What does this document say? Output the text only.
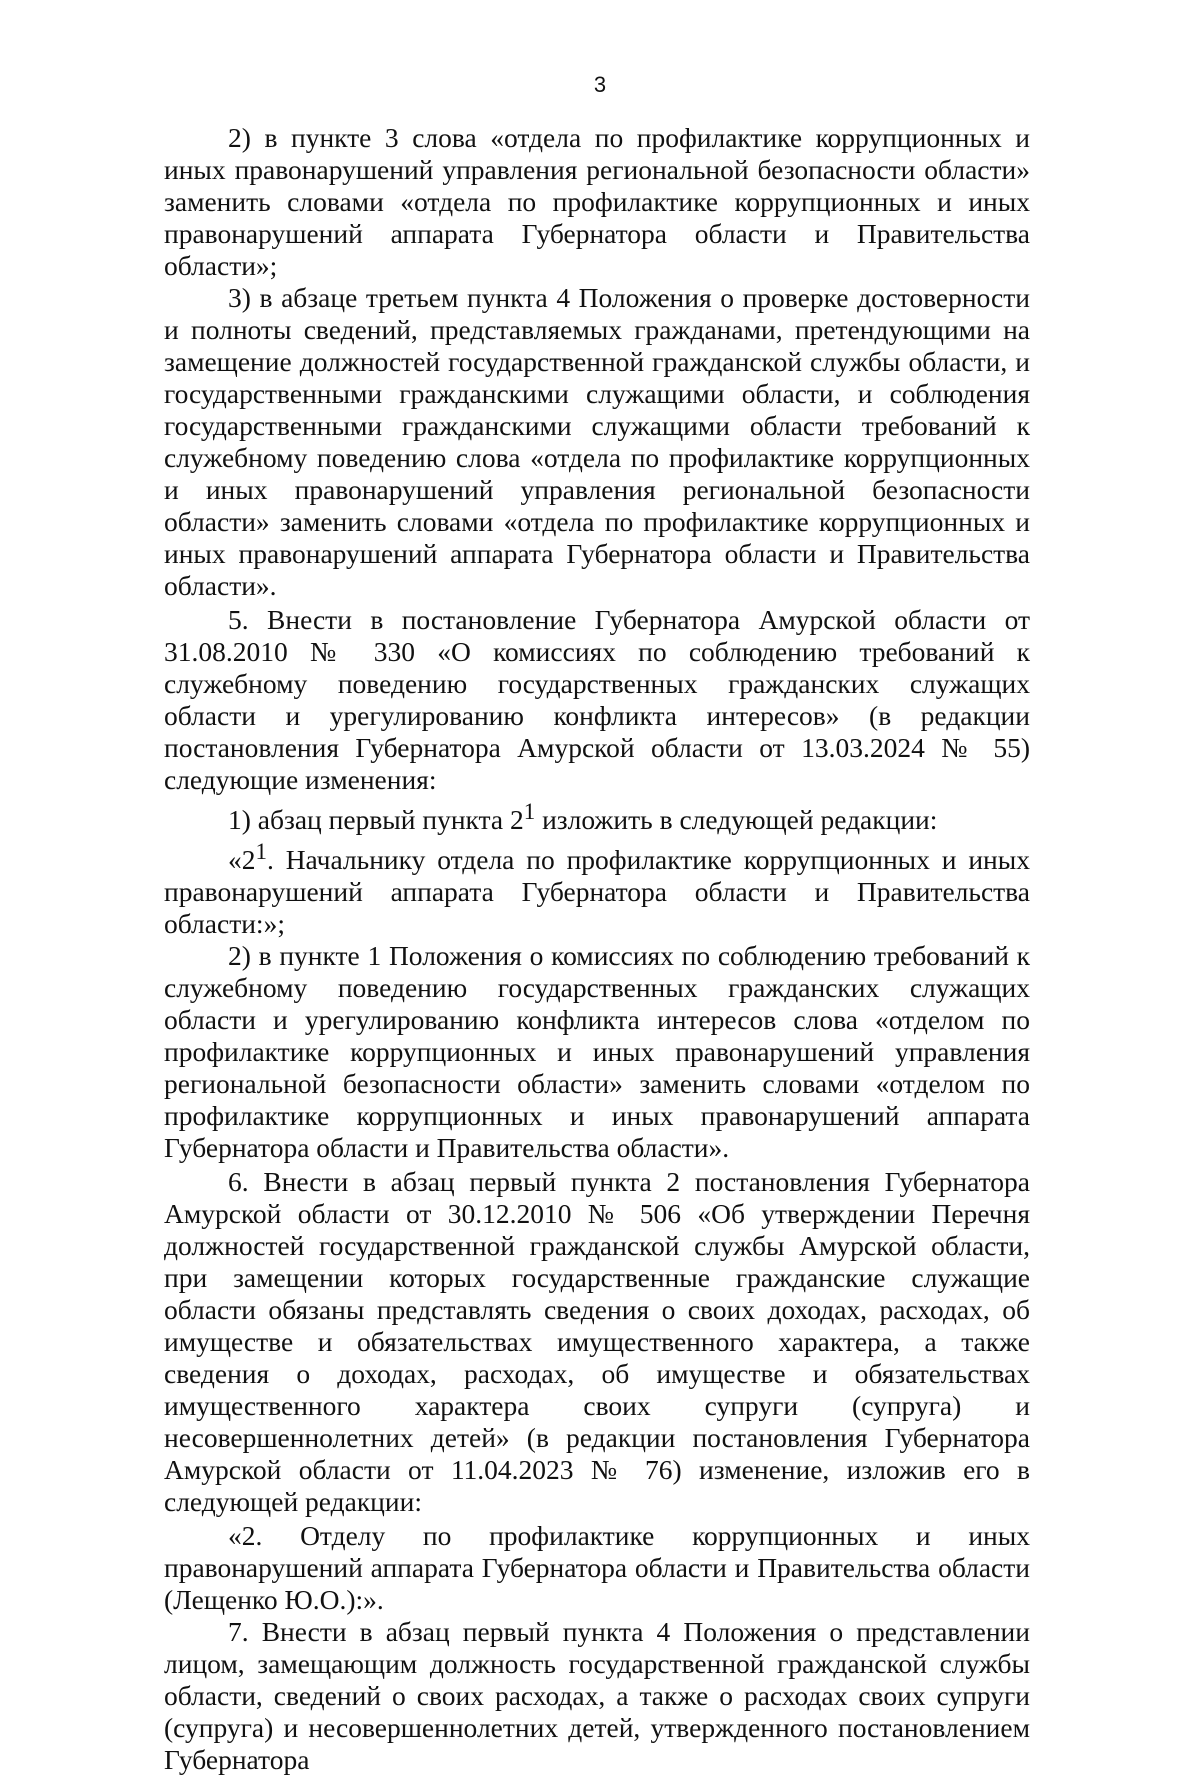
3

2) в пункте 3 слова «отдела по профилактике коррупционных и иных правонарушений управления региональной безопасности области» заменить словами «отдела по профилактике коррупционных и иных правонарушений аппарата Губернатора области и Правительства области»;

3) в абзаце третьем пункта 4 Положения о проверке достоверности и полноты сведений, представляемых гражданами, претендующими на замещение должностей государственной гражданской службы области, и государственными гражданскими служащими области, и соблюдения государственными гражданскими служащими области требований к служебному поведению слова «отдела по профилактике коррупционных и иных правонарушений управления региональной безопасности области» заменить словами «отдела по профилактике коррупционных и иных правонарушений аппарата Губернатора области и Правительства области».

5. Внести в постановление Губернатора Амурской области от 31.08.2010 № 330 «О комиссиях по соблюдению требований к служебному поведению государственных гражданских служащих области и урегулированию конфликта интересов» (в редакции постановления Губернатора Амурской области от 13.03.2024 № 55) следующие изменения:

1) абзац первый пункта $2^1$ изложить в следующей редакции:

«$2^1$. Начальнику отдела по профилактике коррупционных и иных правонарушений аппарата Губернатора области и Правительства области:»;

2) в пункте 1 Положения о комиссиях по соблюдению требований к служебному поведению государственных гражданских служащих области и урегулированию конфликта интересов слова «отделом по профилактике коррупционных и иных правонарушений управления региональной безопасности области» заменить словами «отделом по профилактике коррупционных и иных правонарушений аппарата Губернатора области и Правительства области».

6. Внести в абзац первый пункта 2 постановления Губернатора Амурской области от 30.12.2010 № 506 «Об утверждении Перечня должностей государственной гражданской службы Амурской области, при замещении которых государственные гражданские служащие области обязаны представлять сведения о своих доходах, расходах, об имуществе и обязательствах имущественного характера, а также сведения о доходах, расходах, об имуществе и обязательствах имущественного характера своих супруги (супруга) и несовершеннолетних детей» (в редакции постановления Губернатора Амурской области от 11.04.2023 № 76) изменение, изложив его в следующей редакции:

«2. Отделу по профилактике коррупционных и иных правонарушений аппарата Губернатора области и Правительства области (Лещенко Ю.О.):».

7. Внести в абзац первый пункта 4 Положения о представлении лицом, замещающим должность государственной гражданской службы области, сведений о своих расходах, а также о расходах своих супруги (супруга) и несовершеннолетних детей, утвержденного постановлением Губернатора
